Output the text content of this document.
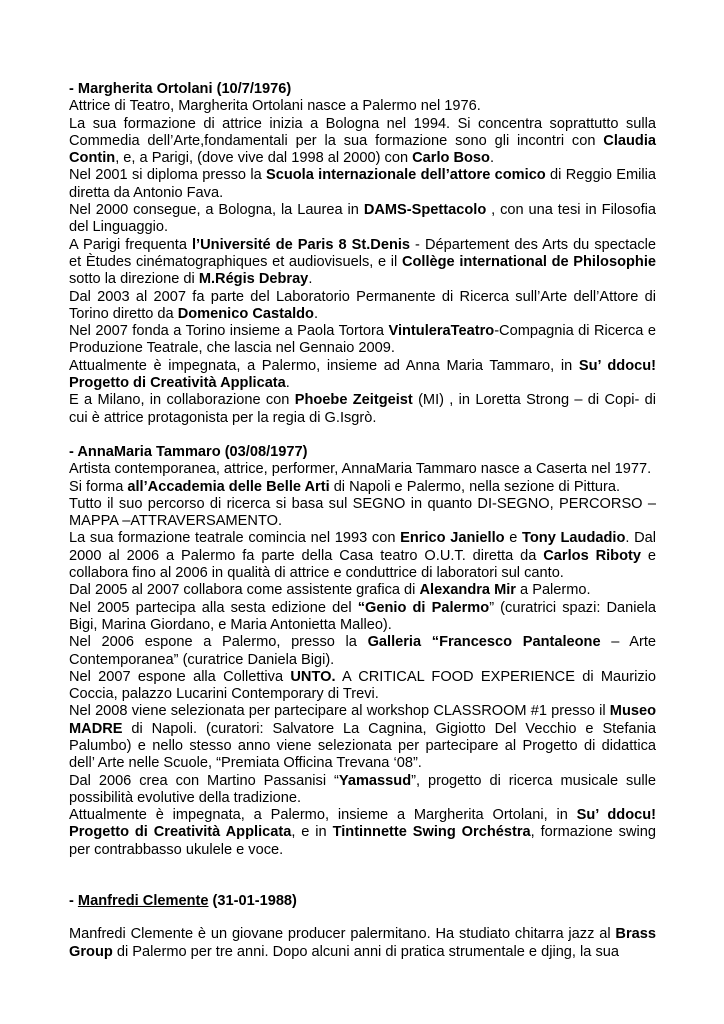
- Margherita Ortolani (10/7/1976)

Attrice di Teatro, Margherita Ortolani nasce a Palermo nel 1976.

La sua formazione di attrice inizia a Bologna nel 1994. Si concentra soprattutto sulla Commedia dell’Arte,fondamentali per la sua formazione sono gli incontri con Claudia Contin, e, a Parigi, (dove vive dal 1998 al 2000) con Carlo Boso.

Nel 2001 si diploma presso la Scuola internazionale dell’attore comico di Reggio Emilia diretta da Antonio Fava.

Nel 2000 consegue, a Bologna, la Laurea in DAMS-Spettacolo , con una tesi in Filosofia del Linguaggio.

A Parigi frequenta l’Université de Paris 8 St.Denis - Département des Arts du spectacle et Ètudes cinématographiques et audiovisuels, e il Collège international de Philosophie sotto la direzione di M.Régis Debray.

Dal 2003 al 2007 fa parte del Laboratorio Permanente di Ricerca sull’Arte dell’Attore di Torino diretto da Domenico Castaldo.

Nel 2007 fonda a Torino insieme a Paola Tortora VintuleraTeatro-Compagnia di Ricerca e Produzione Teatrale, che lascia nel Gennaio 2009.

Attualmente è impegnata, a Palermo, insieme ad Anna Maria Tammaro, in Su’ ddocu! Progetto di Creatività Applicata.

E a Milano, in collaborazione con Phoebe Zeitgeist (MI) , in Loretta Strong – di Copi- di cui è attrice protagonista per la regia di G.Isgrò.

- AnnaMaria Tammaro (03/08/1977)

Artista contemporanea, attrice, performer, AnnaMaria Tammaro nasce a Caserta nel 1977.

Si forma all’Accademia delle Belle Arti di Napoli e Palermo, nella sezione di Pittura.

Tutto il suo percorso di ricerca si basa sul SEGNO in quanto DI-SEGNO, PERCORSO – MAPPA –ATTRAVERSAMENTO.

La sua formazione teatrale comincia nel 1993 con Enrico Janiello e Tony Laudadio. Dal 2000 al 2006 a Palermo fa parte della Casa teatro O.U.T. diretta da Carlos Riboty e collabora fino al 2006 in qualità di attrice e conduttrice di laboratori sul canto.

Dal 2005 al 2007 collabora come assistente grafica di Alexandra Mir a Palermo.

Nel 2005 partecipa alla sesta edizione del “Genio di Palermo” (curatrici spazi: Daniela Bigi, Marina Giordano, e Maria Antonietta Malleo).

Nel 2006 espone a Palermo, presso la Galleria “Francesco Pantaleone – Arte Contemporanea” (curatrice Daniela Bigi).

Nel 2007 espone alla Collettiva UNTO. A CRITICAL FOOD EXPERIENCE di Maurizio Coccia, palazzo Lucarini Contemporary di Trevi.

Nel 2008 viene selezionata per partecipare al workshop CLASSROOM #1 presso il Museo MADRE di Napoli. (curatori: Salvatore La Cagnina, Gigiotto Del Vecchio e Stefania Palumbo) e nello stesso anno viene selezionata per partecipare al Progetto di didattica dell’ Arte nelle Scuole, “Premiata Officina Trevana ‘08”.

Dal 2006 crea con Martino Passanisi “Yamassud”, progetto di ricerca musicale sulle possibilità evolutive della tradizione.

Attualmente è impegnata, a Palermo, insieme a Margherita Ortolani, in Su’ ddocu! Progetto di Creatività Applicata, e in Tintinnette Swing Orchéstra, formazione swing per contrabbasso ukulele e voce.

- Manfredi Clemente (31-01-1988)

Manfredi Clemente è un giovane producer palermitano. Ha studiato chitarra jazz al Brass Group di Palermo per tre anni. Dopo alcuni anni di pratica strumentale e djing, la sua
